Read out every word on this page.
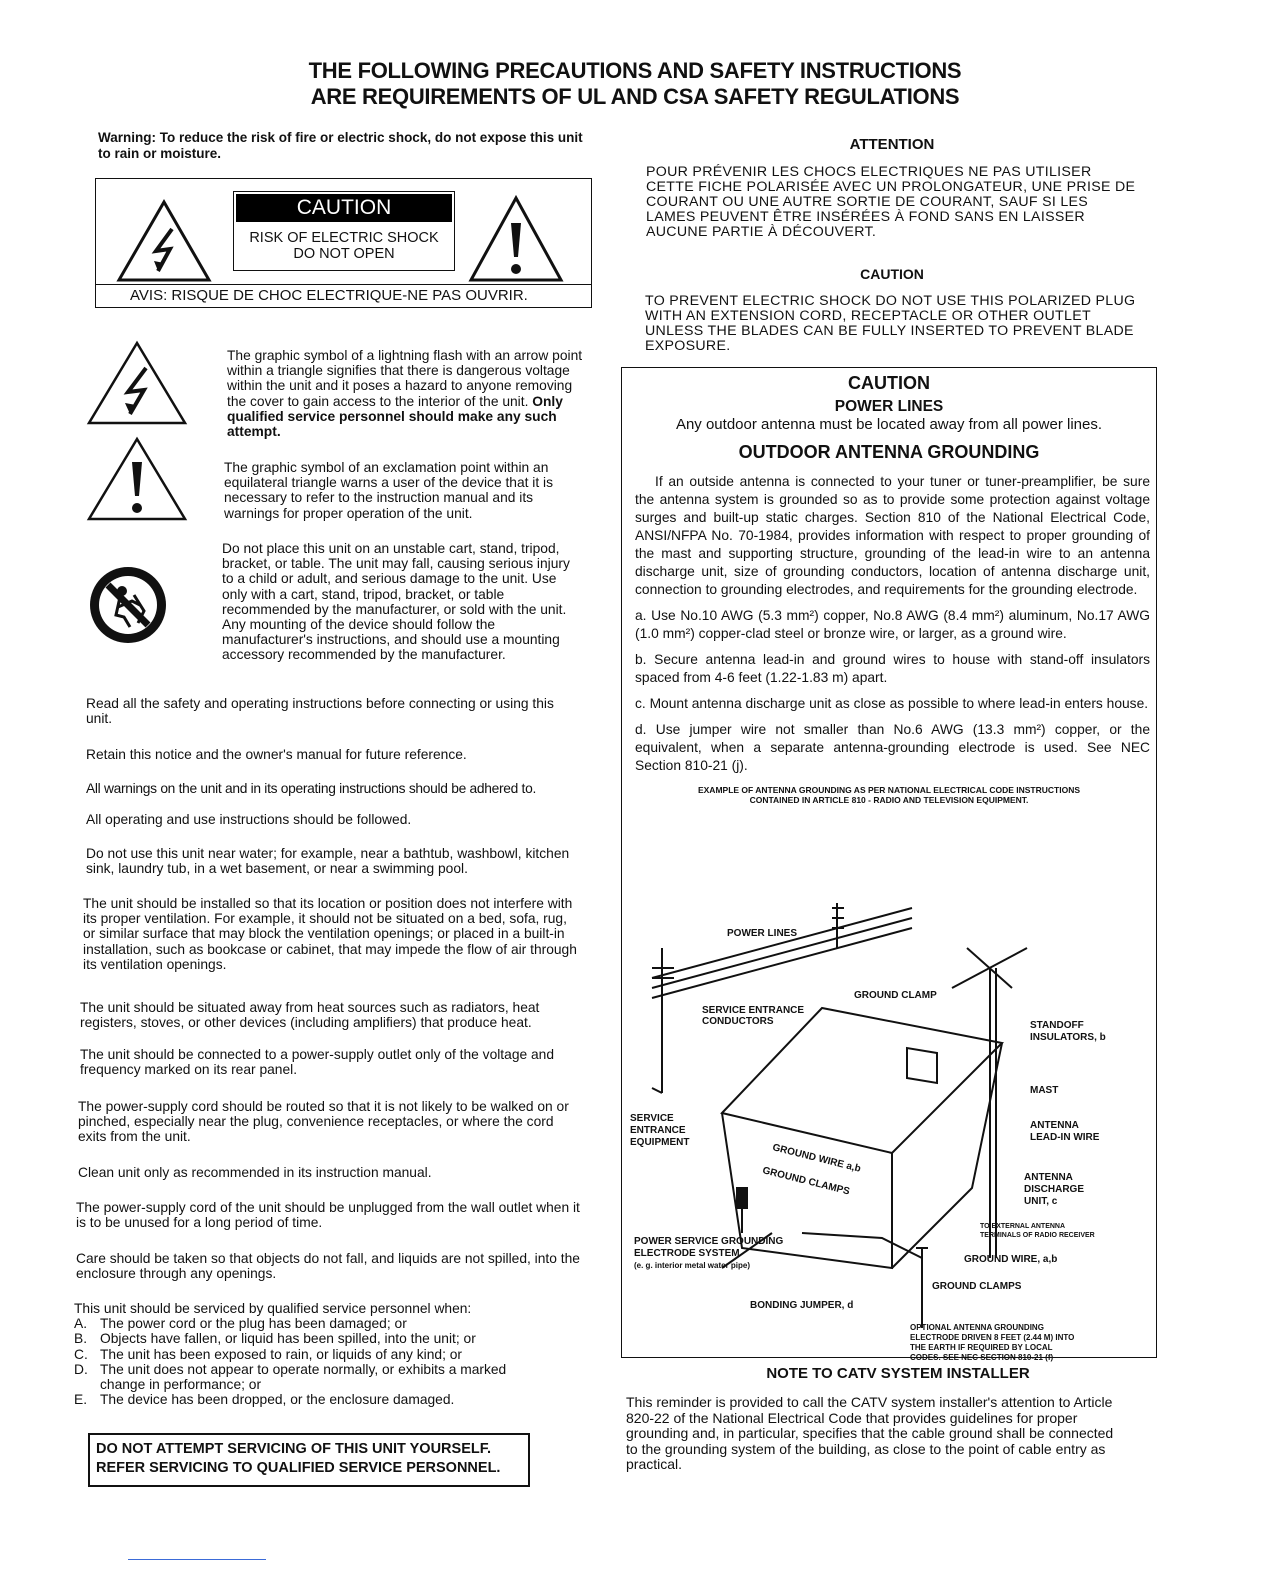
THE FOLLOWING PRECAUTIONS AND SAFETY INSTRUCTIONS
ARE REQUIREMENTS OF UL AND CSA SAFETY REGULATIONS
Warning: To reduce the risk of fire or electric shock, do not expose this unit to rain or moisture.
CAUTION
RISK OF ELECTRIC SHOCK
DO NOT OPEN
AVIS: RISQUE DE CHOC ELECTRIQUE-NE PAS OUVRIR.
The graphic symbol of a lightning flash with an arrow point within a triangle signifies that there is dangerous voltage within the unit and it poses a hazard to anyone removing the cover to gain access to the interior of the unit. Only qualified service personnel should make any such attempt.
The graphic symbol of an exclamation point within an equilateral triangle warns a user of the device that it is necessary to refer to the instruction manual and its warnings for proper operation of the unit.
Do not place this unit on an unstable cart, stand, tripod, bracket, or table. The unit may fall, causing serious injury to a child or adult, and serious damage to the unit. Use only with a cart, stand, tripod, bracket, or table recommended by the manufacturer, or sold with the unit. Any mounting of the device should follow the manufacturer's instructions, and should use a mounting accessory recommended by the manufacturer.
Read all the safety and operating instructions before connecting or using this unit.
Retain this notice and the owner's manual for future reference.
All warnings on the unit and in its operating instructions should be adhered to.
All operating and use instructions should be followed.
Do not use this unit near water; for example, near a bathtub, washbowl, kitchen sink, laundry tub, in a wet basement, or near a swimming pool.
The unit should be installed so that its location or position does not interfere with its proper ventilation. For example, it should not be situated on a bed, sofa, rug, or similar surface that may block the ventilation openings; or placed in a built-in installation, such as bookcase or cabinet, that may impede the flow of air through its ventilation openings.
The unit should be situated away from heat sources such as radiators, heat registers, stoves, or other devices (including amplifiers) that produce heat.
The unit should be connected to a power-supply outlet only of the voltage and frequency marked on its rear panel.
The power-supply cord should be routed so that it is not likely to be walked on or pinched, especially near the plug, convenience receptacles, or where the cord exits from the unit.
Clean unit only as recommended in its instruction manual.
The power-supply cord of the unit should be unplugged from the wall outlet when it is to be unused for a long period of time.
Care should be taken so that objects do not fall, and liquids are not spilled, into the enclosure through any openings.
This unit should be serviced by qualified service personnel when:
A. The power cord or the plug has been damaged; or
B. Objects have fallen, or liquid has been spilled, into the unit; or
C. The unit has been exposed to rain, or liquids of any kind; or
D. The unit does not appear to operate normally, or exhibits a marked change in performance; or
E. The device has been dropped, or the enclosure damaged.
DO NOT ATTEMPT SERVICING OF THIS UNIT YOURSELF.
REFER SERVICING TO QUALIFIED SERVICE PERSONNEL.
ATTENTION
POUR PRÉVENIR LES CHOCS ELECTRIQUES NE PAS UTILISER CETTE FICHE POLARISÉE AVEC UN PROLONGATEUR, UNE PRISE DE COURANT OU UNE AUTRE SORTIE DE COURANT, SAUF SI LES LAMES PEUVENT ÊTRE INSÉRÉES À FOND SANS EN LAISSER AUCUNE PARTIE À DÉCOUVERT.
CAUTION
TO PREVENT ELECTRIC SHOCK DO NOT USE THIS POLARIZED PLUG WITH AN EXTENSION CORD, RECEPTACLE OR OTHER OUTLET UNLESS THE BLADES CAN BE FULLY INSERTED TO PREVENT BLADE EXPOSURE.
CAUTION
POWER LINES
Any outdoor antenna must be located away from all power lines.
OUTDOOR ANTENNA GROUNDING
If an outside antenna is connected to your tuner or tuner-preamplifier, be sure the antenna system is grounded so as to provide some protection against voltage surges and built-up static charges. Section 810 of the National Electrical Code, ANSI/NFPA No. 70-1984, provides information with respect to proper grounding of the mast and supporting structure, grounding of the lead-in wire to an antenna discharge unit, size of grounding conductors, location of antenna discharge unit, connection to grounding electrodes, and requirements for the grounding electrode.
a. Use No.10 AWG (5.3 mm²) copper, No.8 AWG (8.4 mm²) aluminum, No.17 AWG (1.0 mm²) copper-clad steel or bronze wire, or larger, as a ground wire.
b. Secure antenna lead-in and ground wires to house with stand-off insulators spaced from 4-6 feet (1.22-1.83 m) apart.
c. Mount antenna discharge unit as close as possible to where lead-in enters house.
d. Use jumper wire not smaller than No.6 AWG (13.3 mm²) copper, or the equivalent, when a separate antenna-grounding electrode is used. See NEC Section 810-21 (j).
EXAMPLE OF ANTENNA GROUNDING AS PER NATIONAL ELECTRICAL CODE INSTRUCTIONS
CONTAINED IN ARTICLE 810 - RADIO AND TELEVISION EQUIPMENT.
POWER LINES
GROUND CLAMP
SERVICE ENTRANCE
CONDUCTORS	STANDOFF
INSULATORS, b
MAST
SERVICE
ENTRANCE
EQUIPMENT	GROUND WIRE a,b
GROUND CLAMPS
ANTENNA
LEAD-IN WIRE
ANTENNA
DISCHARGE
UNIT, c
TO EXTERNAL ANTENNA
TERMINALS OF RADIO RECEIVER
POWER SERVICE GROUNDING
ELECTRODE SYSTEM
(e. g. interior metal water pipe)
GROUND WIRE, a,b
GROUND CLAMPS
BONDING JUMPER, d
OPTIONAL ANTENNA GROUNDING
ELECTRODE DRIVEN 8 FEET (2.44 M) INTO
THE EARTH IF REQUIRED BY LOCAL
CODES. SEE NEC SECTION 810-21 (f)
NOTE TO CATV SYSTEM INSTALLER
This reminder is provided to call the CATV system installer's attention to Article 820-22 of the National Electrical Code that provides guidelines for proper grounding and, in particular, specifies that the cable ground shall be connected to the grounding system of the building, as close to the point of cable entry as practical.
